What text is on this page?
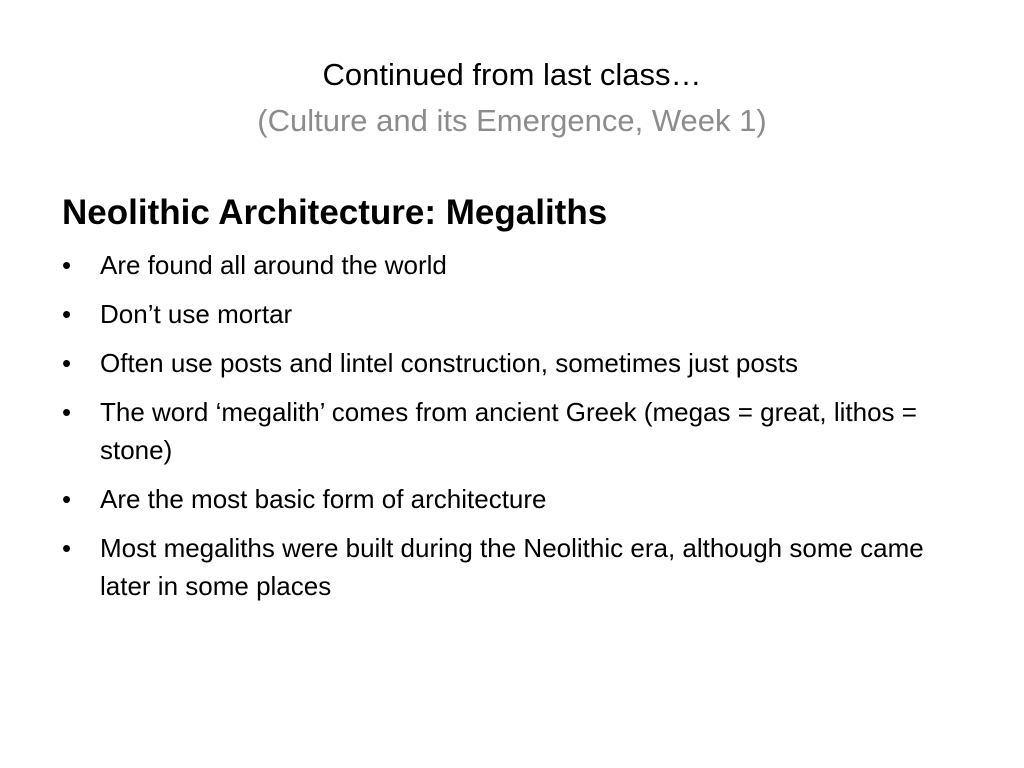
Continued from last class…
(Culture and its Emergence, Week 1)
Neolithic Architecture: Megaliths
• Are found all around the world
• Don’t use mortar
• Often use posts and lintel construction, sometimes just posts
• The word ‘megalith’ comes from ancient Greek (megas = great, lithos = stone)
• Are the most basic form of architecture
• Most megaliths were built during the Neolithic era, although some came later in some places
